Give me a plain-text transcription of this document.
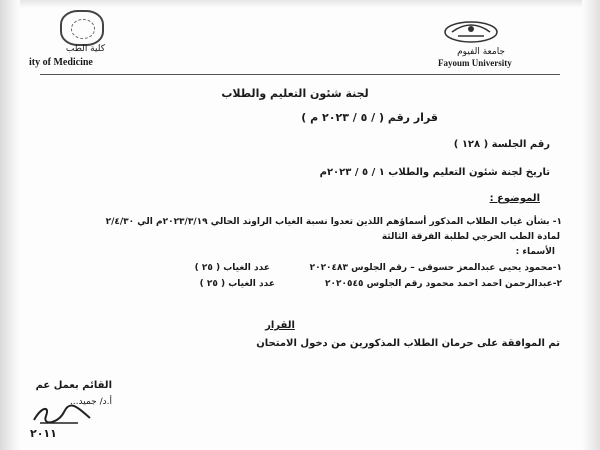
كلية الطب
ity of Medicine
جامعة الفيوم
Fayoum University
لجنة شئون التعليم والطلاب
قرار رقم ( / ٥ / ٢٠٢٣ م )
رقم الجلسة ( ١٢٨ )
تاريخ لجنة شئون التعليم والطلاب ١ / ٥ / ٢٠٢٣م
الموضوع :
١- بشأن غياب الطلاب المذكور أسماؤهم اللذين تعدوا نسبة الغياب الراوند الحالي ٢٠٢٣/٣/١٩م الي ٢/٤/٣٠
لمادة الطب الحرجي لطلبة الفرقة الثالثة
الأسماء :
١-محمود يحيى عبدالمعز حسوقى – رقم الجلوس ٢٠٢٠٤٨٣
عدد الغياب ( ٢٥ )
٢-عبدالرحمن احمد احمد محمود رقم الجلوس ٢٠٢٠٥٤٥
عدد الغياب ( ٢٥ )
القرار
تم الموافقة على حرمان الطلاب المذكورين من دخول الامتحان
القائم بعمل عم
أ.د/ جميد...
٢٠١١
